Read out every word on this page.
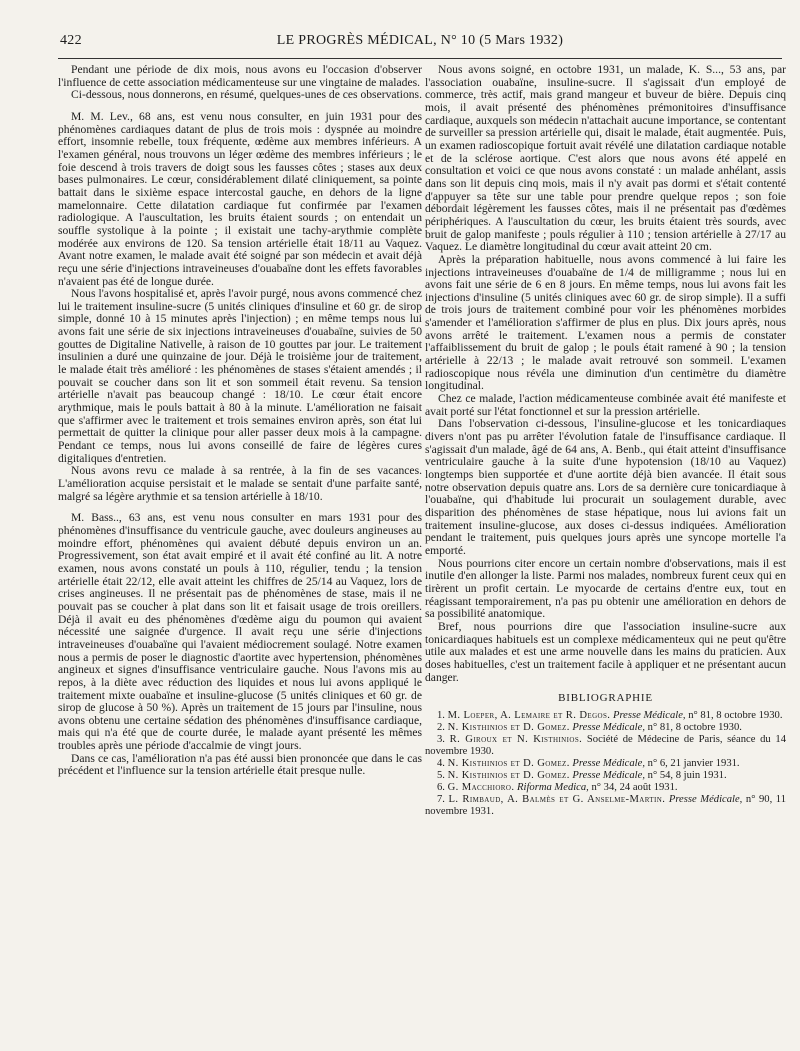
422	LE PROGRÈS MÉDICAL, N° 10 (5 Mars 1932)

Pendant une période de dix mois, nous avons eu l'occasion d'observer l'influence de cette association médicamenteuse sur une vingtaine de malades.

Ci-dessous, nous donnerons, en résumé, quelques-unes de ces observations.

M. M. Lev., 68 ans, est venu nous consulter, en juin 1931 pour des phénomènes cardiaques datant de plus de trois mois : dyspnée au moindre effort, insomnie rebelle, toux fréquente, œdème aux membres inférieurs. A l'examen général, nous trouvons un léger œdème des membres inférieurs ; le foie descend à trois travers de doigt sous les fausses côtes ; stases aux deux bases pulmonaires. Le cœur, considérablement dilaté cliniquement, sa pointe battait dans le sixième espace intercostal gauche, en dehors de la ligne mamelonnaire. Cette dilatation cardiaque fut confirmée par l'examen radiologique. A l'auscultation, les bruits étaient sourds ; on entendait un souffle systolique à la pointe ; il existait une tachy-arythmie complète modérée aux environs de 120. Sa tension artérielle était 18/11 au Vaquez. Avant notre examen, le malade avait été soigné par son médecin et avait déjà reçu une série d'injections intraveineuses d'ouabaïne dont les effets favorables n'avaient pas été de longue durée.

Nous l'avons hospitalisé et, après l'avoir purgé, nous avons commencé chez lui le traitement insuline-sucre (5 unités cliniques d'insuline et 60 gr. de sirop simple, donné 10 à 15 minutes après l'injection) ; en même temps nous lui avons fait une série de six injections intraveineuses d'ouabaïne, suivies de 50 gouttes de Digitaline Nativelle, à raison de 10 gouttes par jour. Le traitement insulinien a duré une quinzaine de jour. Déjà le troisième jour de traitement, le malade était très amélioré : les phénomènes de stases s'étaient amendés ; il pouvait se coucher dans son lit et son sommeil était revenu. Sa tension artérielle n'avait pas beaucoup changé : 18/10. Le cœur était encore arythmique, mais le pouls battait à 80 à la minute. L'amélioration ne faisait que s'affirmer avec le traitement et trois semaines environ après, son état lui permettait de quitter la clinique pour aller passer deux mois à la campagne. Pendant ce temps, nous lui avons conseillé de faire de légères cures digitaliques d'entretien.

Nous avons revu ce malade à sa rentrée, à la fin de ses vacances. L'amélioration acquise persistait et le malade se sentait d'une parfaite santé, malgré sa légère arythmie et sa tension artérielle à 18/10.

M. Bass.., 63 ans, est venu nous consulter en mars 1931 pour des phénomènes d'insuffisance du ventricule gauche, avec douleurs angineuses au moindre effort, phénomènes qui avaient débuté depuis environ un an. Progressivement, son état avait empiré et il avait été confiné au lit. A notre examen, nous avons constaté un pouls à 110, régulier, tendu ; la tension artérielle était 22/12, elle avait atteint les chiffres de 25/14 au Vaquez, lors de crises angineuses. Il ne présentait pas de phénomènes de stase, mais il ne pouvait pas se coucher à plat dans son lit et faisait usage de trois oreillers. Déjà il avait eu des phénomènes d'œdème aigu du poumon qui avaient nécessité une saignée d'urgence. Il avait reçu une série d'injections intraveineuses d'ouabaïne qui l'avaient médiocrement soulagé. Notre examen nous a permis de poser le diagnostic d'aortite avec hypertension, phénomènes angineux et signes d'insuffisance ventriculaire gauche. Nous l'avons mis au repos, à la diète avec réduction des liquides et nous lui avons appliqué le traitement mixte ouabaïne et insuline-glucose (5 unités cliniques et 60 gr. de sirop de glucose à 50 %). Après un traitement de 15 jours par l'insuline, nous avons obtenu une certaine sédation des phénomènes d'insuffisance cardiaque, mais qui n'a été que de courte durée, le malade ayant présenté les mêmes troubles après une période d'accalmie de vingt jours.

Dans ce cas, l'amélioration n'a pas été aussi bien prononcée que dans le cas précédent et l'influence sur la tension artérielle était presque nulle.

Nous avons soigné, en octobre 1931, un malade, K. S..., 53 ans, par l'association ouabaïne, insuline-sucre. Il s'agissait d'un employé de commerce, très actif, mais grand mangeur et buveur de bière. Depuis cinq mois, il avait présenté des phénomènes prémonitoires d'insuffisance cardiaque, auxquels son médecin n'attachait aucune importance, se contentant de surveiller sa pression artérielle qui, disait le malade, était augmentée. Puis, un examen radioscopique fortuit avait révélé une dilatation cardiaque notable et de la sclérose aortique. C'est alors que nous avons été appelé en consultation et voici ce que nous avons constaté : un malade anhélant, assis dans son lit depuis cinq mois, mais il n'y avait pas dormi et s'était contenté d'appuyer sa tête sur une table pour prendre quelque repos ; son foie débordait légèrement les fausses côtes, mais il ne présentait pas d'œdèmes périphériques. A l'auscultation du cœur, les bruits étaient très sourds, avec bruit de galop manifeste ; pouls régulier à 110 ; tension artérielle à 27/17 au Vaquez. Le diamètre longitudinal du cœur avait atteint 20 cm.

Après la préparation habituelle, nous avons commencé à lui faire les injections intraveineuses d'ouabaïne de 1/4 de milligramme ; nous lui en avons fait une série de 6 en 8 jours. En même temps, nous lui avons fait les injections d'insuline (5 unités cliniques avec 60 gr. de sirop simple). Il a suffi de trois jours de traitement combiné pour voir les phénomènes morbides s'amender et l'amélioration s'affirmer de plus en plus. Dix jours après, nous avons arrêté le traitement. L'examen nous a permis de constater l'affaiblissement du bruit de galop ; le pouls était ramené à 90 ; la tension artérielle à 22/13 ; le malade avait retrouvé son sommeil. L'examen radioscopique nous révéla une diminution d'un centimètre du diamètre longitudinal.

Chez ce malade, l'action médicamenteuse combinée avait été manifeste et avait porté sur l'état fonctionnel et sur la pression artérielle.

Dans l'observation ci-dessous, l'insuline-glucose et les tonicardiaques divers n'ont pas pu arrêter l'évolution fatale de l'insuffisance cardiaque. Il s'agissait d'un malade, âgé de 64 ans, A. Benb., qui était atteint d'insuffisance ventriculaire gauche à la suite d'une hypotension (18/10 au Vaquez) longtemps bien supportée et d'une aortite déjà bien avancée. Il était sous notre observation depuis quatre ans. Lors de sa dernière cure tonicardiaque à l'ouabaïne, qui d'habitude lui procurait un soulagement durable, avec disparition des phénomènes de stase hépatique, nous lui avions fait un traitement insuline-glucose, aux doses ci-dessus indiquées. Amélioration pendant le traitement, puis quelques jours après une syncope mortelle l'a emporté.

Nous pourrions citer encore un certain nombre d'observations, mais il est inutile d'en allonger la liste. Parmi nos malades, nombreux furent ceux qui en tirèrent un profit certain. Le myocarde de certains d'entre eux, tout en réagissant temporairement, n'a pas pu obtenir une amélioration en dehors de sa possibilité anatomique.

Bref, nous pourrions dire que l'association insuline-sucre aux tonicardiaques habituels est un complexe médicamenteux qui ne peut qu'être utile aux malades et est une arme nouvelle dans les mains du praticien. Aux doses habituelles, c'est un traitement facile à appliquer et ne présentant aucun danger.

BIBLIOGRAPHIE
1. M. Loeper, A. Lemaire et R. Degos. Presse Médicale, n° 81, 8 octobre 1930.
2. N. Kisthinios et D. Gomez. Presse Médicale, n° 81, 8 octobre 1930.
3. R. Giroux et N. Kisthinios. Société de Médecine de Paris, séance du 14 novembre 1930.
4. N. Kisthinios et D. Gomez. Presse Médicale, n° 6, 21 janvier 1931.
5. N. Kisthinios et D. Gomez. Presse Médicale, n° 54, 8 juin 1931.
6. G. Macchioro. Riforma Medica, n° 34, 24 août 1931.
7. L. Rimbaud, A. Balmès et G. Anselme-Martin. Presse Médicale, n° 90, 11 novembre 1931.
